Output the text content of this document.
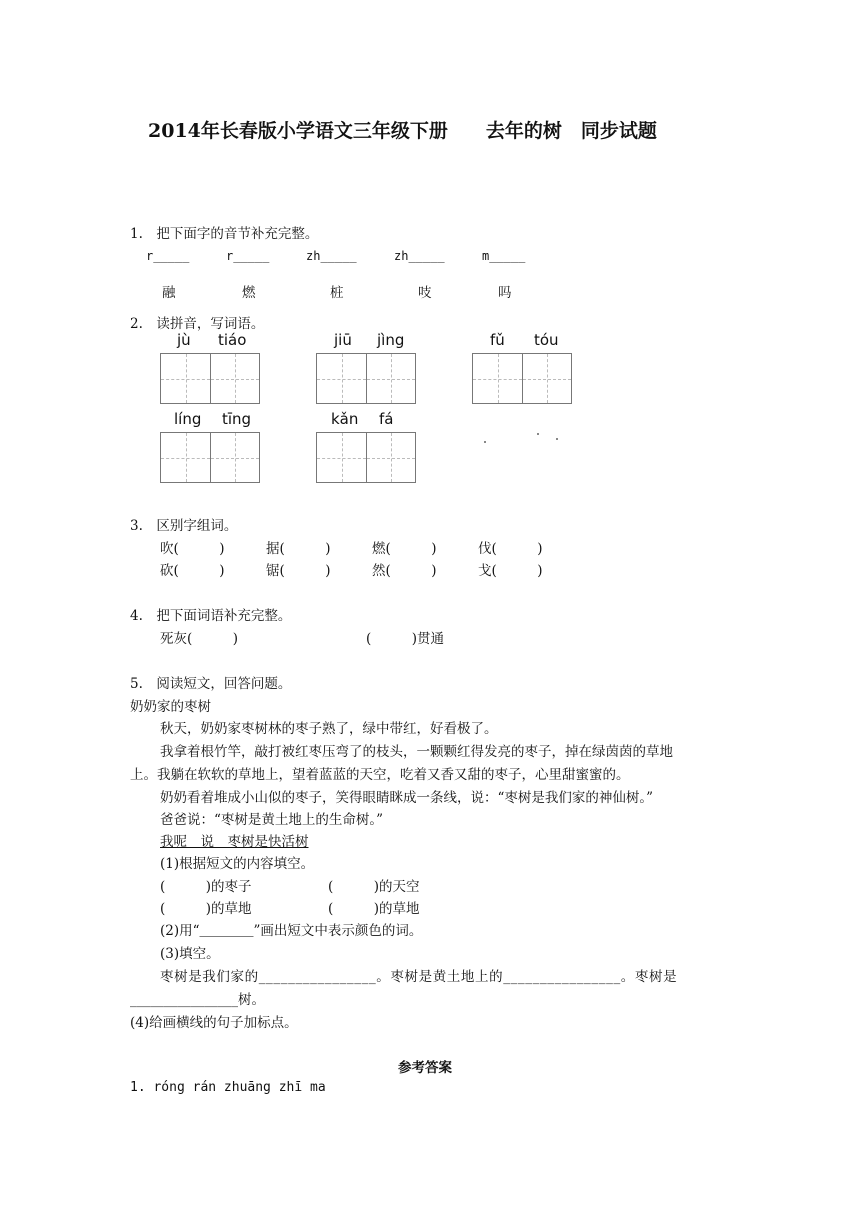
2014年长春版小学语文三年级下册　　去年的树　同步试题
1.　把下面字的音节补充完整。
r_____	r_____	zh_____	zh_____	m_____
融	燃	桩	吱	吗
2.　读拼音，写词语。
jù tiáo	jiū jìng	fǔ tóu
líng tīng	kǎn fá
3.　区别字组词。
吹(　　　)	据(　　　)	燃(　　　)	伐(　　　)
砍(　　　)	锯(　　　)	然(　　　)	戈(　　　)
4.　把下面词语补充完整。
死灰(　　　)	(　　　)贯通
5.　阅读短文，回答问题。
奶奶家的枣树
秋天，奶奶家枣树林的枣子熟了，绿中带红，好看极了。
我拿着根竹竿，敲打被红枣压弯了的枝头，一颗颗红得发亮的枣子，掉在绿茵茵的草地
上。我躺在软软的草地上，望着蓝蓝的天空，吃着又香又甜的枣子，心里甜蜜蜜的。
奶奶看着堆成小山似的枣子，笑得眼睛眯成一条线，说：“枣树是我们家的神仙树。”
爸爸说：“枣树是黄土地上的生命树。”
我呢　说　枣树是快活树
(1)根据短文的内容填空。
(　　　)的枣子	(　　　)的天空
(　　　)的草地	(　　　)的草地
(2)用“＿＿＿＿”画出短文中表示颜色的词。
(3)填空。
枣树是我们家的________________。枣树是黄土地上的________________。枣树是
________________树。
(4)给画横线的句子加标点。
参考答案
1. róng rán zhuāng zhī ma
